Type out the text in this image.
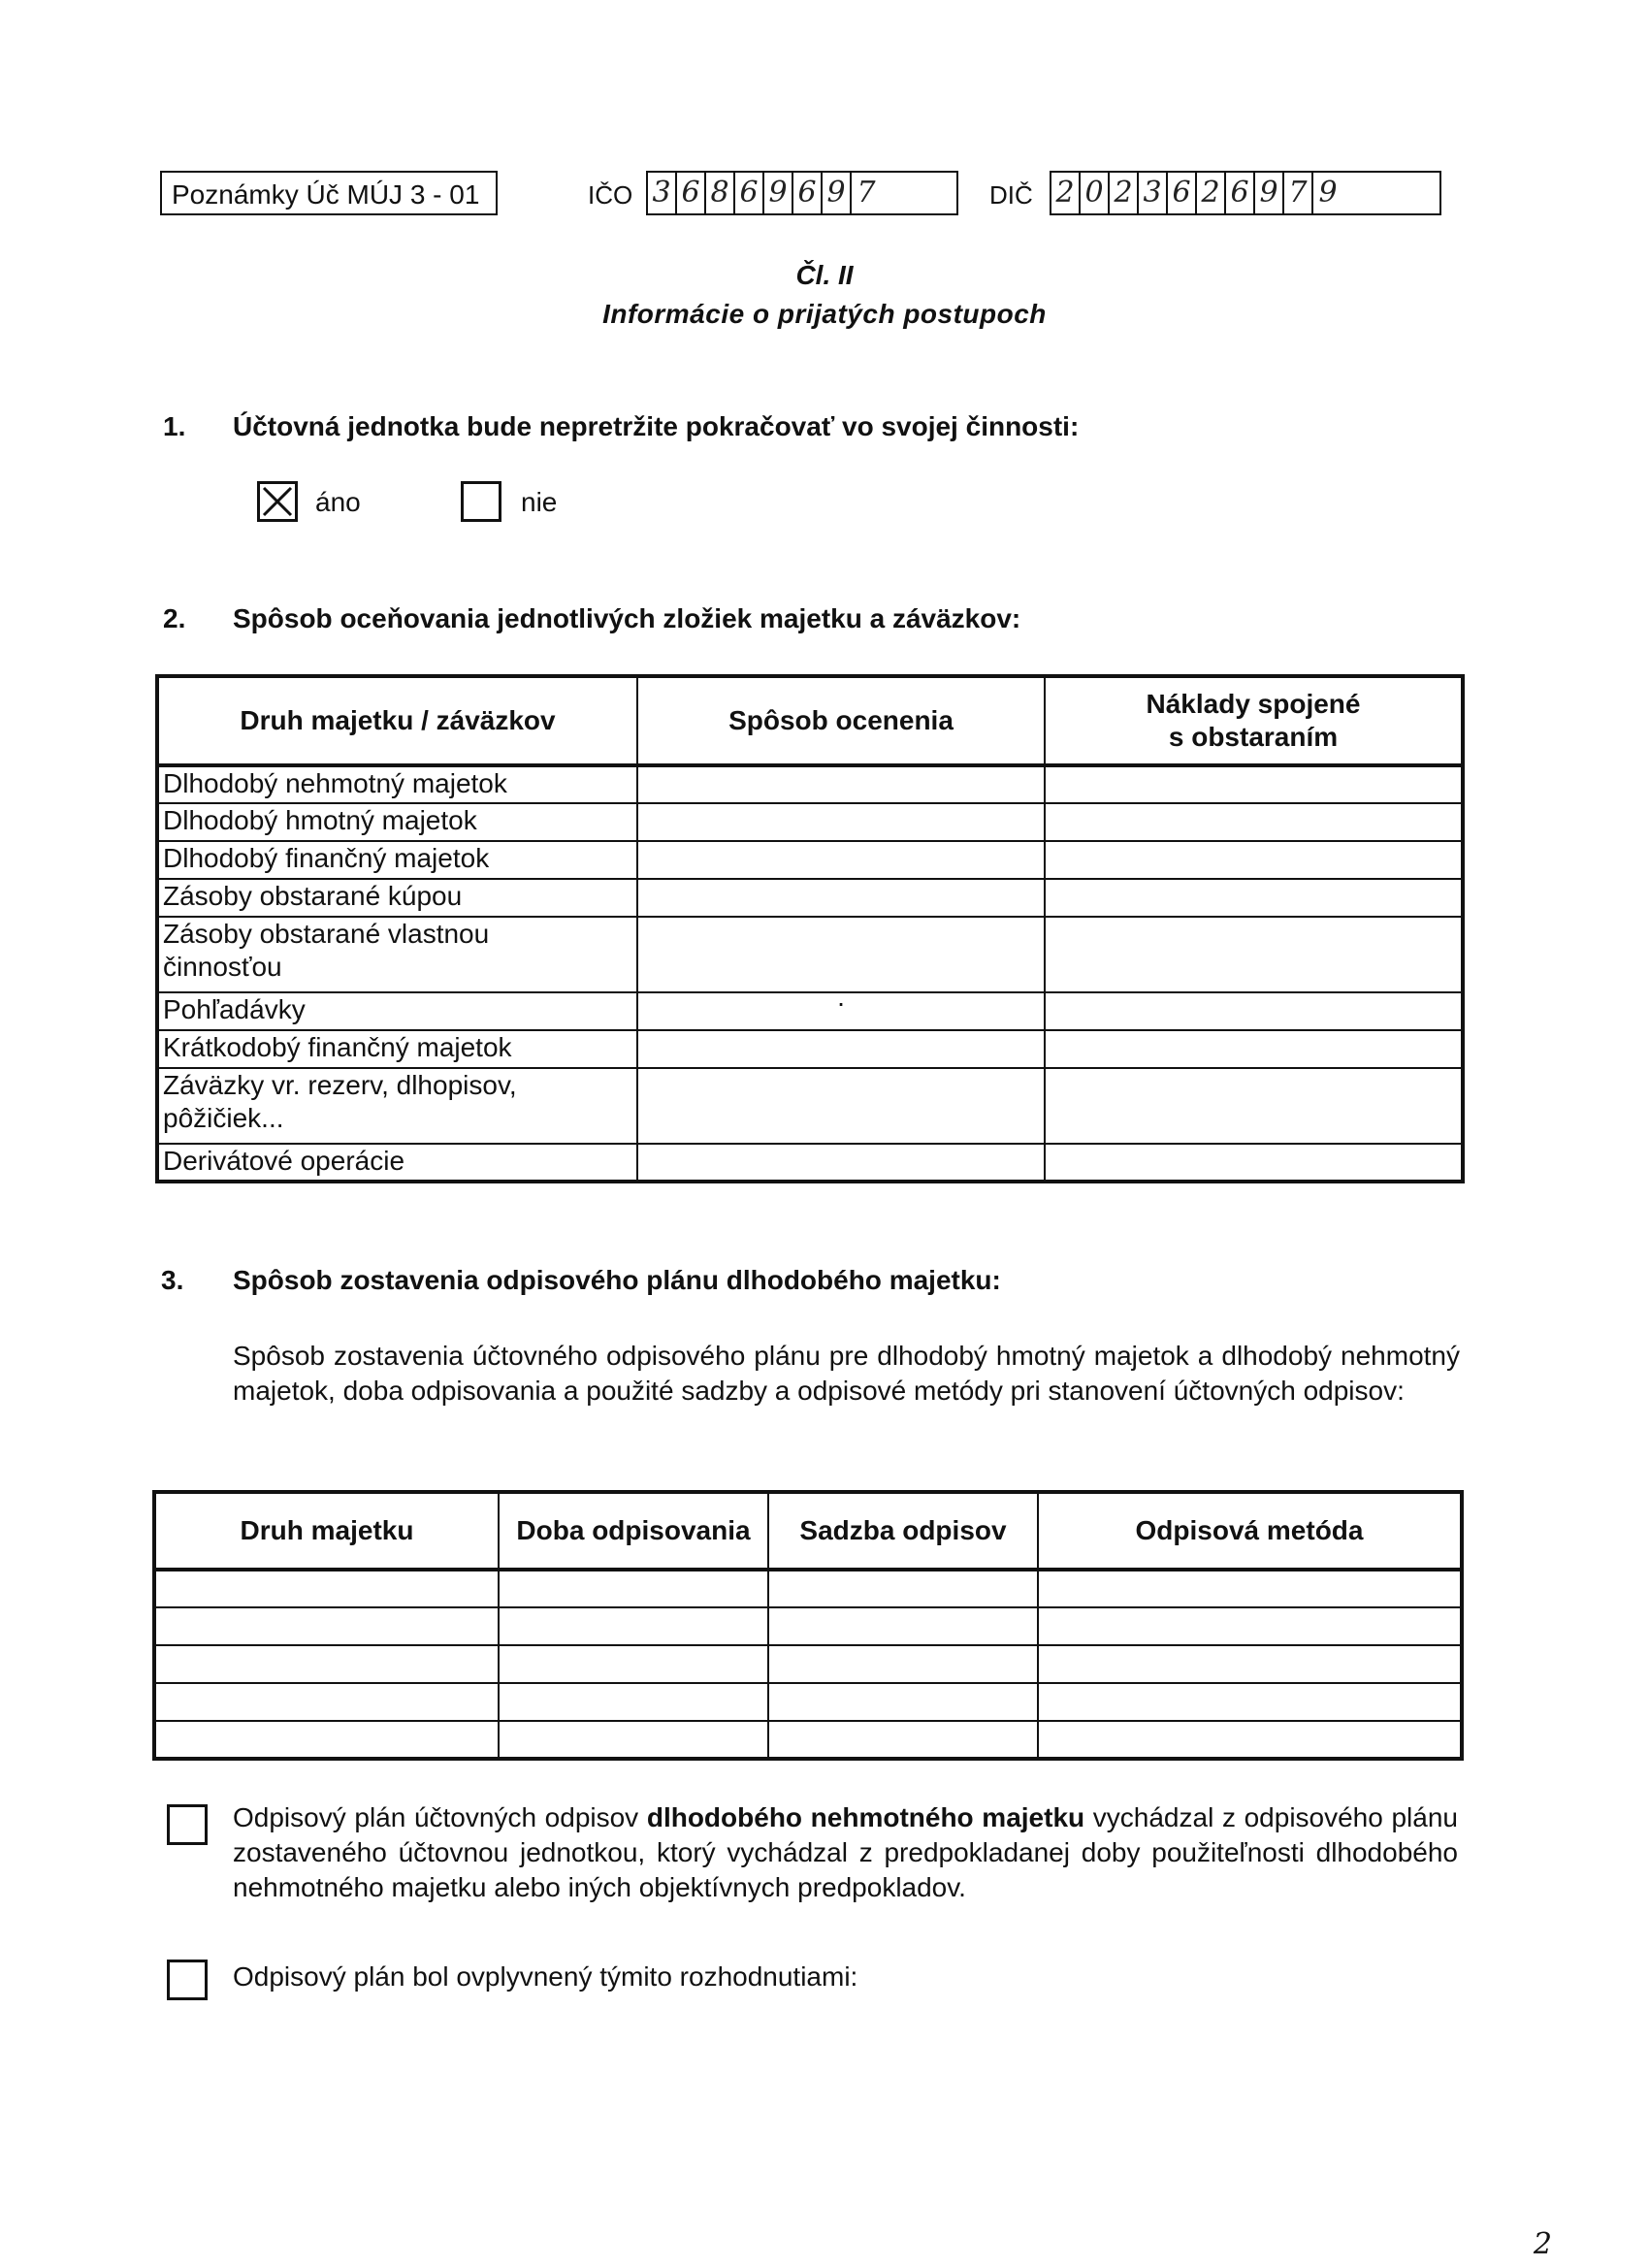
Poznámky Úč MÚJ 3 - 01	IČO 3 6 8 6 9 6 9 7	DIČ 2 0 2 3 6 2 6 9 7 9
Čl. II
Informácie o prijatých postupoch
1. Účtovná jednotka bude nepretržite pokračovať vo svojej činnosti:
áno	nie
2. Spôsob oceňovania jednotlivých zložiek majetku a záväzkov:
Druh majetku / záväzkov	Spôsob ocenenia	Náklady spojené s obstaraním
Dlhodobý nehmotný majetok		
Dlhodobý hmotný majetok		
Dlhodobý finančný majetok		
Zásoby obstarané kúpou		
Zásoby obstarané vlastnou činnosťou		
Pohľadávky	·	
Krátkodobý finančný majetok		
Záväzky vr. rezerv, dlhopisov, pôžičiek...		
Derivátové operácie		
3. Spôsob zostavenia odpisového plánu dlhodobého majetku:
Spôsob zostavenia účtovného odpisového plánu pre dlhodobý hmotný majetok a dlhodobý nehmotný majetok, doba odpisovania a použité sadzby a odpisové metódy pri stanovení účtovných odpisov:
Druh majetku	Doba odpisovania	Sadzba odpisov	Odpisová metóda

Odpisový plán účtovných odpisov dlhodobého nehmotného majetku vychádzal z odpisového plánu zostaveného účtovnou jednotkou, ktorý vychádzal z predpokladanej doby použiteľnosti dlhodobého nehmotného majetku alebo iných objektívnych predpokladov.
Odpisový plán bol ovplyvnený týmito rozhodnutiami:
2
